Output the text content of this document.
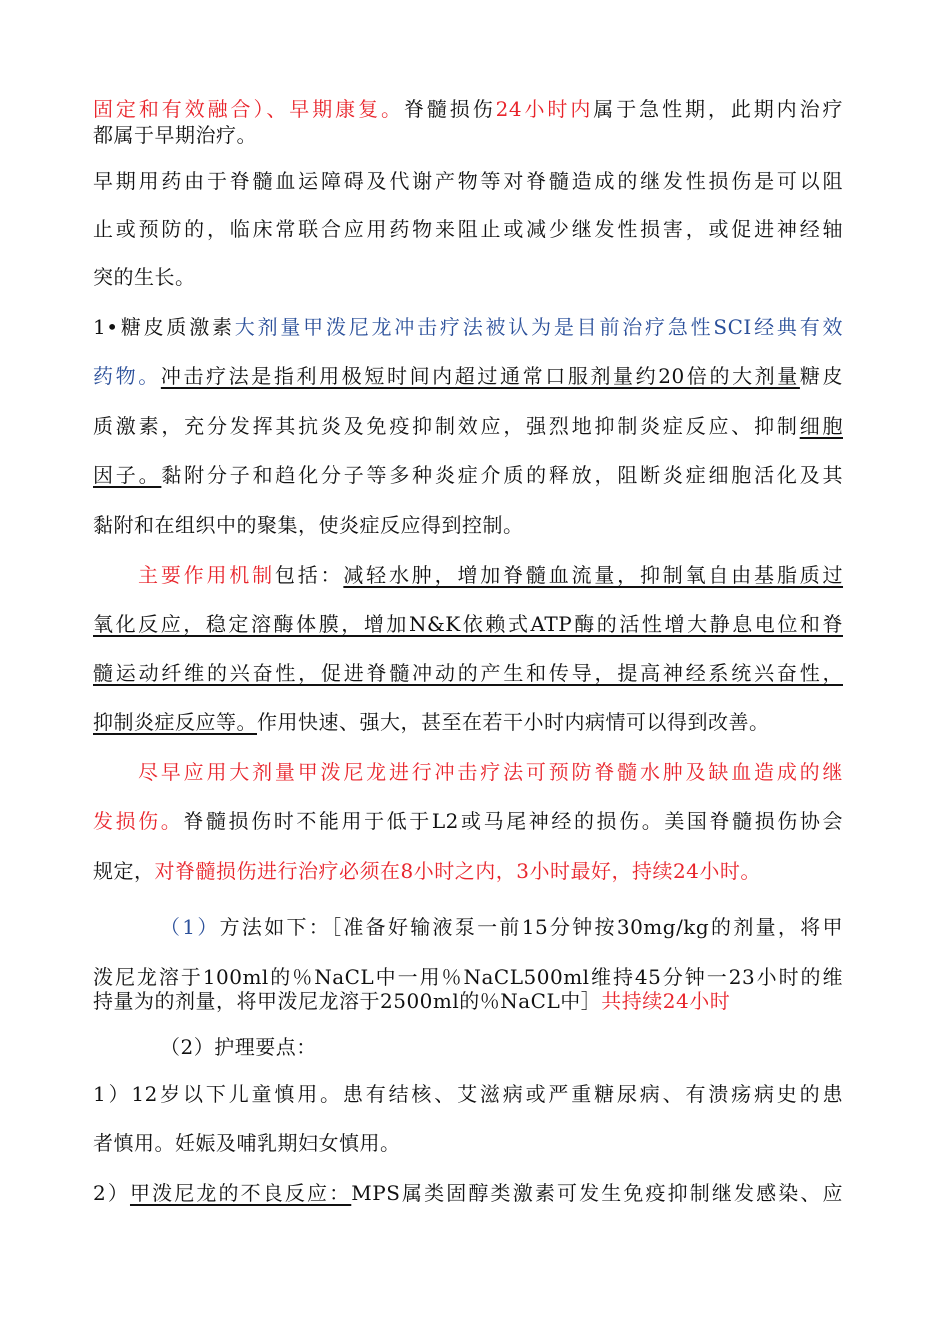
固定和有效融合）、早期康复。脊髓损伤24小时内属于急性期，此期内治疗
都属于早期治疗。
早期用药由于脊髓血运障碍及代谢产物等对脊髓造成的继发性损伤是可以阻
止或预防的，临床常联合应用药物来阻止或减少继发性损害，或促进神经轴
突的生长。
1•糖皮质激素大剂量甲泼尼龙冲击疗法被认为是目前治疗急性SCI经典有效
药物。冲击疗法是指利用极短时间内超过通常口服剂量约20倍的大剂量糖皮
质激素，充分发挥其抗炎及免疫抑制效应，强烈地抑制炎症反应、抑制细胞
因子。黏附分子和趋化分子等多种炎症介质的释放，阻断炎症细胞活化及其
黏附和在组织中的聚集，使炎症反应得到控制。
主要作用机制包括：减轻水肿，增加脊髓血流量，抑制氧自由基脂质过
氧化反应，稳定溶酶体膜，增加N&K依赖式ATP酶的活性增大静息电位和脊
髓运动纤维的兴奋性，促进脊髓冲动的产生和传导，提高神经系统兴奋性，
抑制炎症反应等。作用快速、强大，甚至在若干小时内病情可以得到改善。
尽早应用大剂量甲泼尼龙进行冲击疗法可预防脊髓水肿及缺血造成的继
发损伤。脊髓损伤时不能用于低于L2或马尾神经的损伤。美国脊髓损伤协会
规定，对脊髓损伤进行治疗必须在8小时之内，3小时最好，持续24小时。
（1）方法如下：［准备好输液泵一前15分钟按30mg/kg的剂量，将甲
泼尼龙溶于100ml的％NaCL中一用％NaCL500ml维持45分钟一23小时的维
持量为的剂量，将甲泼尼龙溶于2500ml的％NaCL中］共持续24小时
（2）护理要点：
1）12岁以下儿童慎用。患有结核、艾滋病或严重糖尿病、有溃疡病史的患
者慎用。妊娠及哺乳期妇女慎用。
2）甲泼尼龙的不良反应：MPS属类固醇类激素可发生免疫抑制继发感染、应
